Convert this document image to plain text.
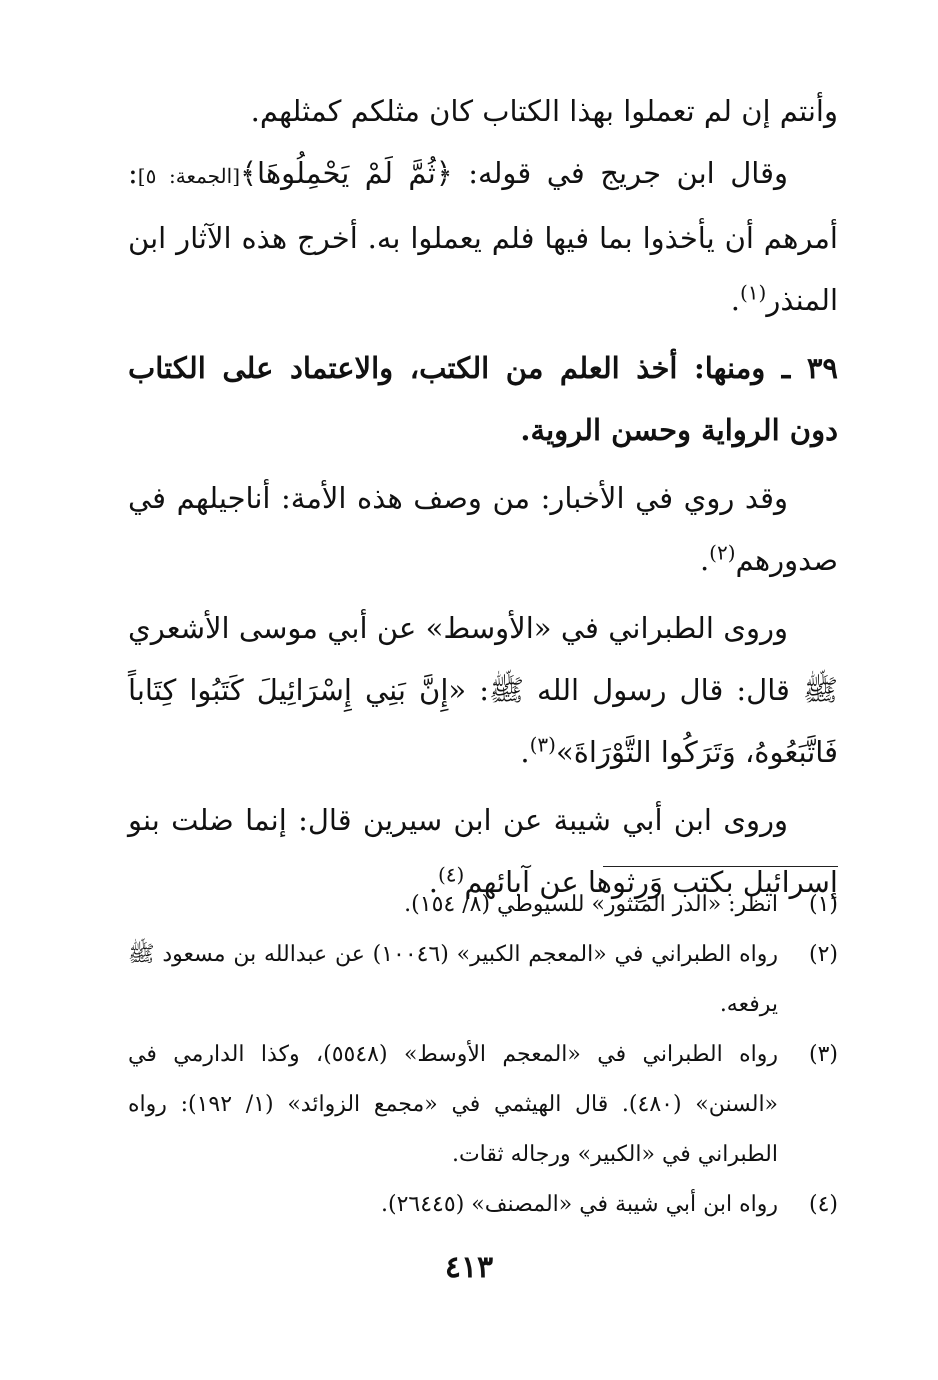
وأنتم إن لم تعملوا بهذا الكتاب كان مثلكم كمثلهم.

وقال ابن جريج في قوله: ﴿ثُمَّ لَمْ يَحْمِلُوهَا﴾[الجمعة: ٥]: أمرهم أن يأخذوا بما فيها فلم يعملوا به. أخرج هذه الآثار ابن المنذر$^{(١)}$.

٣٩ ـ ومنها: أخذ العلم من الكتب، والاعتماد على الكتاب دون الرواية وحسن الروية.

وقد روي في الأخبار: من وصف هذه الأمة: أناجيلهم في صدورهم$^{(٢)}$.

وروى الطبراني في «الأوسط» عن أبي موسى الأشعري ﷺ قال: قال رسول الله ﷺ: «إِنَّ بَنِي إِسْرَائِيلَ كَتَبُوا كِتَاباً فَاتَّبَعُوهُ، وَتَرَكُوا التَّوْرَاةَ»$^{(٣)}$.

وروى ابن أبي شيبة عن ابن سيرين قال: إنما ضلت بنو إسرائيل بكتب وَرِثوها عن آبائهم$^{(٤)}$.

(١)
انظر: «الدر المنثور» للسيوطي (٨/ ١٥٤).

(٢)
رواه الطبراني في «المعجم الكبير» (١٠٠٤٦) عن عبدالله بن مسعود ﷺ يرفعه.

(٣)
رواه الطبراني في «المعجم الأوسط» (٥٥٤٨)، وكذا الدارمي في «السنن» (٤٨٠). قال الهيثمي في «مجمع الزوائد» (١/ ١٩٢): رواه الطبراني في «الكبير» ورجاله ثقات.

(٤)
رواه ابن أبي شيبة في «المصنف» (٢٦٤٤٥).

٤١٣
